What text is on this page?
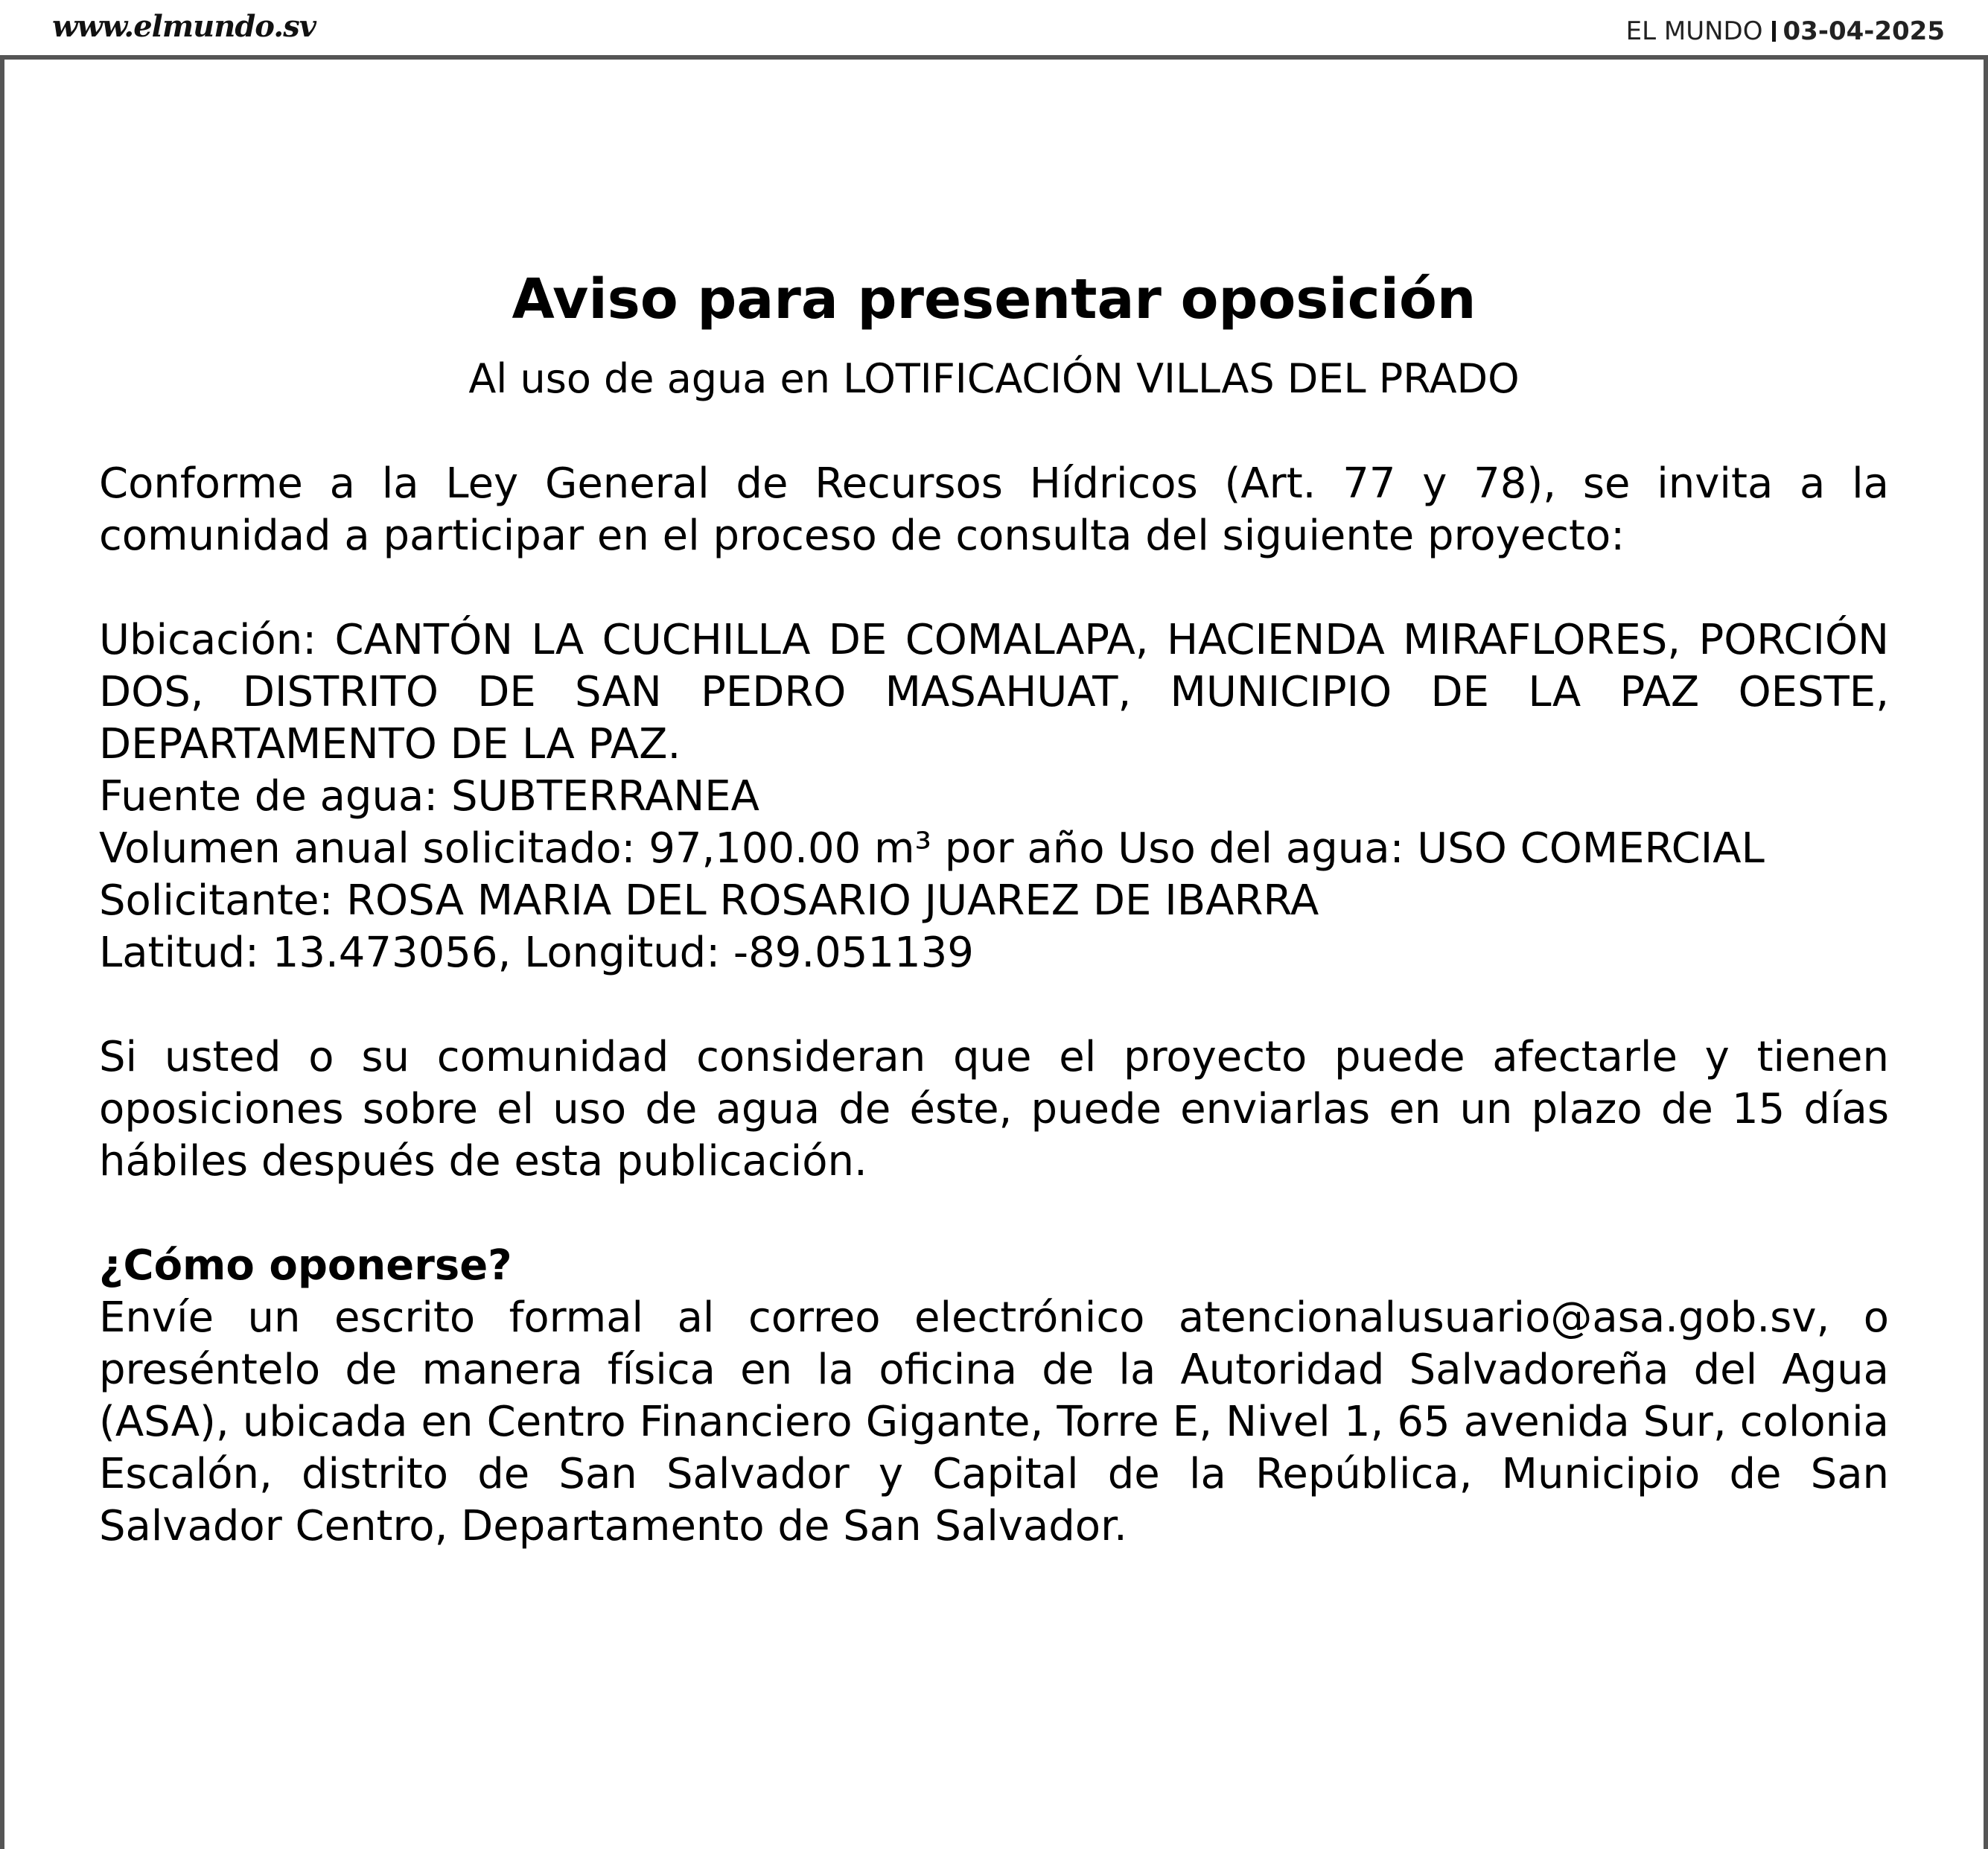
www.elmundo.sv	EL MUNDO 03-04-2025
Aviso para presentar oposición
Al uso de agua en LOTIFICACIÓN VILLAS DEL PRADO
Conforme a la Ley General de Recursos Hídricos (Art. 77 y 78), se invita a la comunidad a participar en el proceso de consulta del siguiente proyecto:
Ubicación: CANTÓN LA CUCHILLA DE COMALAPA, HACIENDA MIRAFLORES, PORCIÓN DOS, DISTRITO DE SAN PEDRO MASAHUAT, MUNICIPIO DE LA PAZ OESTE, DEPARTAMENTO DE LA PAZ.
Fuente de agua: SUBTERRANEA
Volumen anual solicitado: 97,100.00 m³ por año Uso del agua: USO COMERCIAL
Solicitante: ROSA MARIA DEL ROSARIO JUAREZ DE IBARRA
Latitud: 13.473056, Longitud: -89.051139
Si usted o su comunidad consideran que el proyecto puede afectarle y tienen oposiciones sobre el uso de agua de éste, puede enviarlas en un plazo de 15 días hábiles después de esta publicación.
¿Cómo oponerse?
Envíe un escrito formal al correo electrónico atencionalusuario@asa.gob.sv, o preséntelo de manera física en la oficina de la Autoridad Salvadoreña del Agua (ASA), ubicada en Centro Financiero Gigante, Torre E, Nivel 1, 65 avenida Sur, colonia Escalón, distrito de San Salvador y Capital de la República, Municipio de San Salvador Centro, Departamento de San Salvador.
